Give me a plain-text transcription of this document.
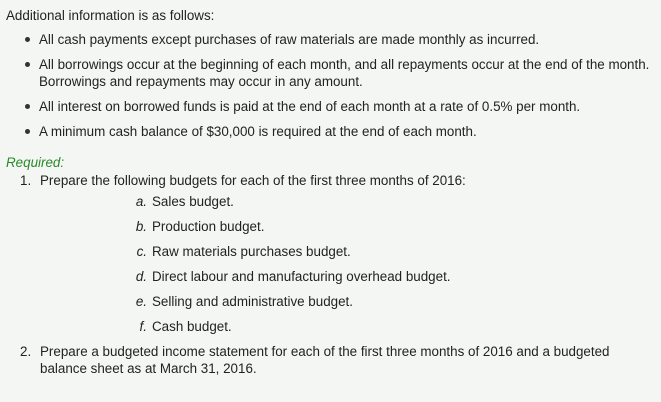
Additional information is as follows:

All cash payments except purchases of raw materials are made monthly as incurred.
All borrowings occur at the beginning of each month, and all repayments occur at the end of the month. Borrowings and repayments may occur in any amount.
All interest on borrowed funds is paid at the end of each month at a rate of 0.5% per month.
A minimum cash balance of $30,000 is required at the end of each month.
Required:
1. Prepare the following budgets for each of the first three months of 2016:
a. Sales budget.
b. Production budget.
c. Raw materials purchases budget.
d. Direct labour and manufacturing overhead budget.
e. Selling and administrative budget.
f. Cash budget.
2. Prepare a budgeted income statement for each of the first three months of 2016 and a budgeted balance sheet as at March 31, 2016.
